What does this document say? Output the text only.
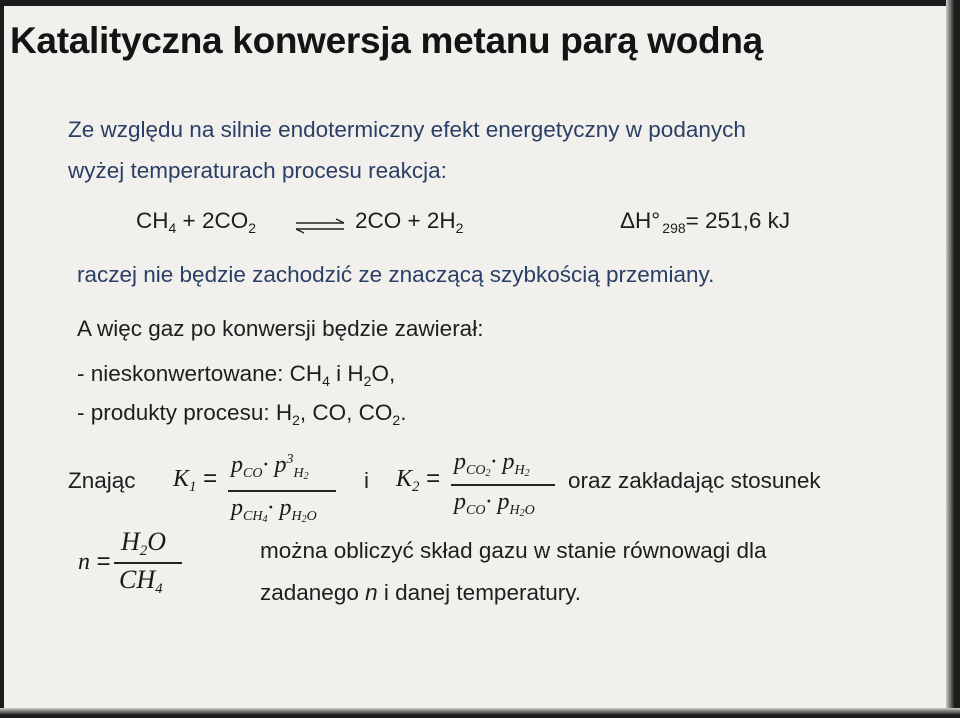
Katalityczna konwersja metanu parą wodną
Ze względu na silnie endotermiczny efekt energetyczny w podanych
wyżej temperaturach procesu reakcja:
$CH_4 + 2CO_2$ ⇌ $2CO + 2H_2$	ΔH° $_{298}$= 251,6 kJ
raczej nie będzie zachodzić ze znaczącą szybkością przemiany.
A więc gaz po konwersji będzie zawierał:
- nieskonwertowane: $CH_4$ i $H_2O$,
- produkty procesu: $H_2$, CO, $CO_2$.
Znając $K_1 = p_{CO}\cdot p^3_{H2}$
$p_{CH4}\cdot p_{H2O}$
i $K_2$ =
$p_{CO2}\cdot p_{H2}$
$p_{CO}\cdot p_{H2O}$
oraz zakładając stosunek
n =
$H_2O$
$CH_4$
można obliczyć skład gazu w stanie równowagi dla
zadanego n i danej temperatury.
